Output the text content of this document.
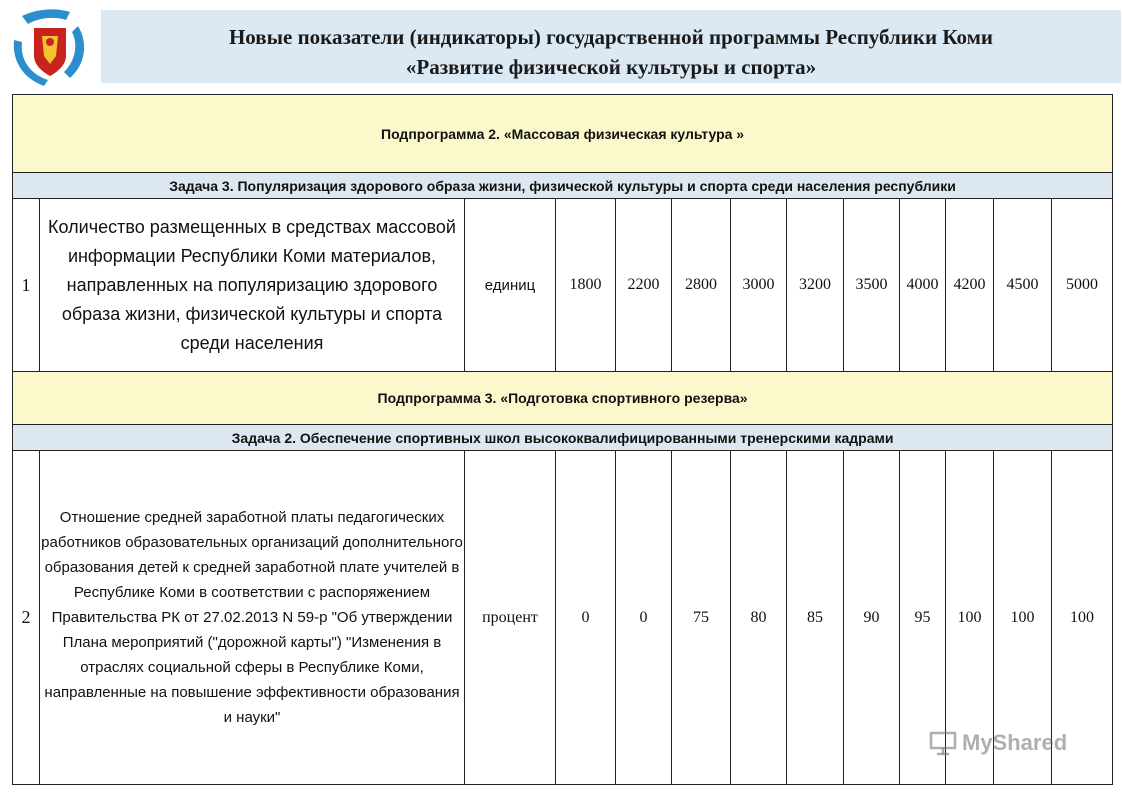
Новые показатели (индикаторы) государственной программы Республики Коми
«Развитие физической культуры и спорта»
Подпрограмма 2. «Массовая физическая культура »												
Задача 3. Популяризация здорового образа жизни, физической культуры и спорта среди населения республики												
1	Количество размещенных в средствах массовой информации Республики Коми материалов, направленных на популяризацию здорового образа жизни, физической культуры и спорта среди населения	единиц	1800	2200	2800	3000	3200	3500	4000	4200	4500	5000
Подпрограмма 3. «Подготовка спортивного резерва»												
Задача 2. Обеспечение спортивных школ высококвалифицированными тренерскими кадрами												
2	Отношение средней заработной платы педагогических работников образовательных организаций дополнительного образования детей к средней заработной плате учителей в Республике Коми в соответствии с распоряжением Правительства РК от 27.02.2013 N 59-р "Об утверждении Плана мероприятий ("дорожной карты") "Изменения в отраслях социальной сферы в Республике Коми, направленные на повышение эффективности образования и науки"	процент	0	0	75	80	85	90	95	100	100	100
MyShared
